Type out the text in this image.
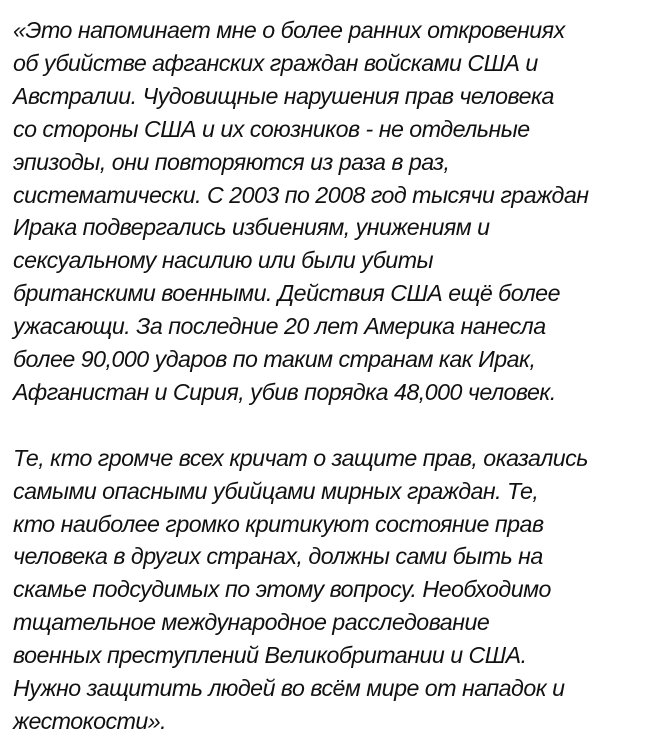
«Это напоминает мне о более ранних откровениях
об убийстве афганских граждан войсками США и
Австралии. Чудовищные нарушения прав человека
со стороны США и их союзников - не отдельные
эпизоды, они повторяются из раза в раз,
систематически. С 2003 по 2008 год тысячи граждан
Ирака подвергались избиениям, унижениям и
сексуальному насилию или были убиты
британскими военными. Действия США ещё более
ужасающи. За последние 20 лет Америка нанесла
более 90,000 ударов по таким странам как Ирак,
Афганистан и Сирия, убив порядка 48,000 человек.

Те, кто громче всех кричат о защите прав, оказались
самыми опасными убийцами мирных граждан. Те,
кто наиболее громко критикуют состояние прав
человека в других странах, должны сами быть на
скамье подсудимых по этому вопросу. Необходимо
тщательное международное расследование
военных преступлений Великобритании и США.
Нужно защитить людей во всём мире от нападок и
жестокости».
